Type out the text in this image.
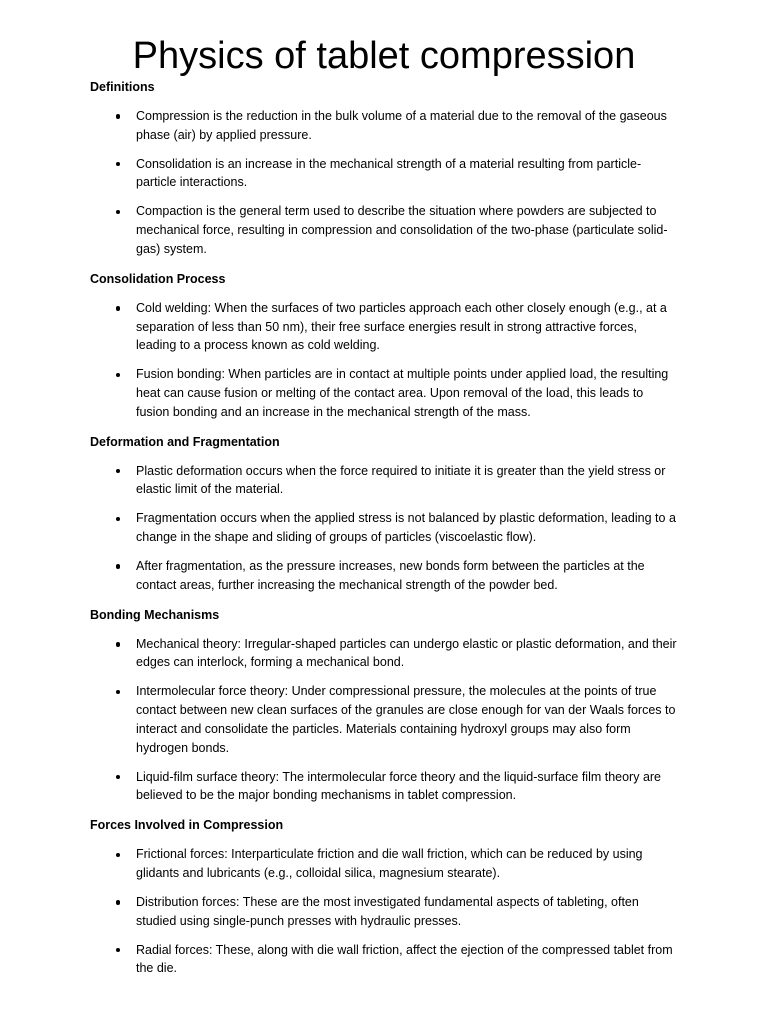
Physics of tablet compression
Definitions

Compression is the reduction in the bulk volume of a material due to the removal of the gaseous phase (air) by applied pressure.

Consolidation is an increase in the mechanical strength of a material resulting from particle-particle interactions.

Compaction is the general term used to describe the situation where powders are subjected to mechanical force, resulting in compression and consolidation of the two-phase (particulate solid-gas) system.

Consolidation Process

Cold welding: When the surfaces of two particles approach each other closely enough (e.g., at a separation of less than 50 nm), their free surface energies result in strong attractive forces, leading to a process known as cold welding.

Fusion bonding: When particles are in contact at multiple points under applied load, the resulting heat can cause fusion or melting of the contact area. Upon removal of the load, this leads to fusion bonding and an increase in the mechanical strength of the mass.

Deformation and Fragmentation

Plastic deformation occurs when the force required to initiate it is greater than the yield stress or elastic limit of the material.

Fragmentation occurs when the applied stress is not balanced by plastic deformation, leading to a change in the shape and sliding of groups of particles (viscoelastic flow).

After fragmentation, as the pressure increases, new bonds form between the particles at the contact areas, further increasing the mechanical strength of the powder bed.

Bonding Mechanisms

Mechanical theory: Irregular-shaped particles can undergo elastic or plastic deformation, and their edges can interlock, forming a mechanical bond.

Intermolecular force theory: Under compressional pressure, the molecules at the points of true contact between new clean surfaces of the granules are close enough for van der Waals forces to interact and consolidate the particles. Materials containing hydroxyl groups may also form hydrogen bonds.

Liquid-film surface theory: The intermolecular force theory and the liquid-surface film theory are believed to be the major bonding mechanisms in tablet compression.

Forces Involved in Compression

Frictional forces: Interparticulate friction and die wall friction, which can be reduced by using glidants and lubricants (e.g., colloidal silica, magnesium stearate).

Distribution forces: These are the most investigated fundamental aspects of tableting, often studied using single-punch presses with hydraulic presses.

Radial forces: These, along with die wall friction, affect the ejection of the compressed tablet from the die.
